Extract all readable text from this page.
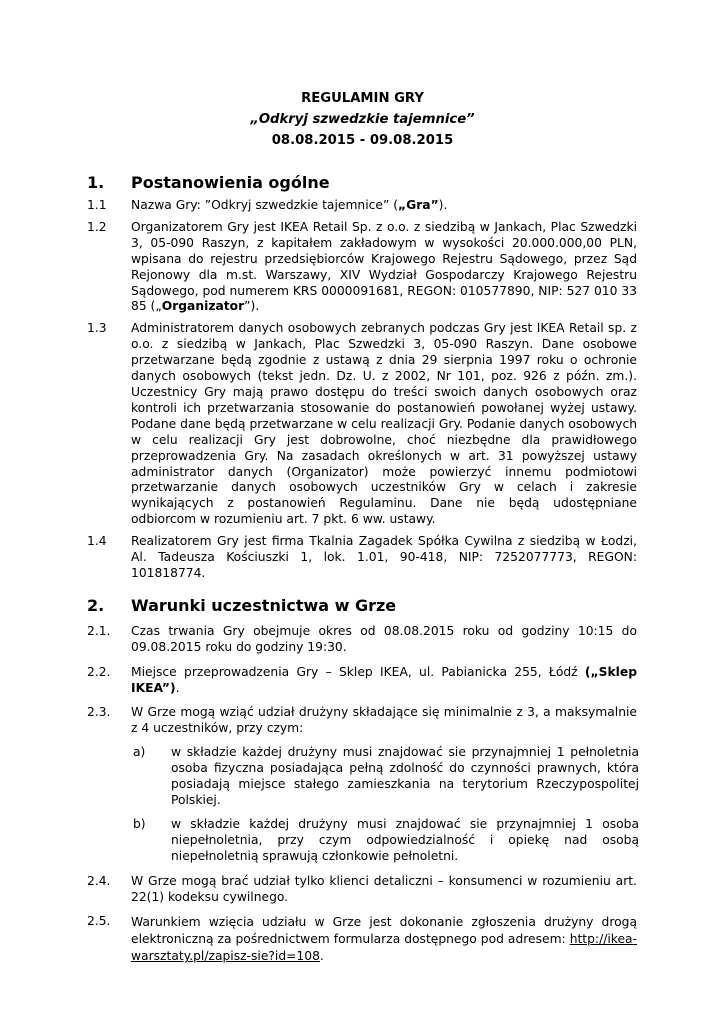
REGULAMIN GRY
„Odkryj szwedzkie tajemnice”
08.08.2015 - 09.08.2015
1.	Postanowienia ogólne
1.1	Nazwa Gry: ”Odkryj szwedzkie tajemnice” („Gra”).
1.2	Organizatorem Gry jest IKEA Retail Sp. z o.o. z siedzibą w Jankach, Plac Szwedzki 3, 05-090 Raszyn, z kapitałem zakładowym w wysokości 20.000.000,00 PLN, wpisana do rejestru przedsiębiorców Krajowego Rejestru Sądowego, przez Sąd Rejonowy dla m.st. Warszawy, XIV Wydział Gospodarczy Krajowego Rejestru Sądowego, pod numerem KRS 0000091681, REGON: 010577890, NIP: 527 010 33 85 („Organizator”).
1.3	Administratorem danych osobowych zebranych podczas Gry jest IKEA Retail sp. z o.o. z siedzibą w Jankach, Plac Szwedzki 3, 05-090 Raszyn. Dane osobowe przetwarzane będą zgodnie z ustawą z dnia 29 sierpnia 1997 roku o ochronie danych osobowych (tekst jedn. Dz. U. z 2002, Nr 101, poz. 926 z późn. zm.). Uczestnicy Gry mają prawo dostępu do treści swoich danych osobowych oraz kontroli ich przetwarzania stosowanie do postanowień powołanej wyżej ustawy. Podane dane będą przetwarzane w celu realizacji Gry. Podanie danych osobowych w celu realizacji Gry jest dobrowolne, choć niezbędne dla prawidłowego przeprowadzenia Gry. Na zasadach określonych w art. 31 powyższej ustawy administrator danych (Organizator) może powierzyć innemu podmiotowi przetwarzanie danych osobowych uczestników Gry w celach i zakresie wynikających z postanowień Regulaminu. Dane nie będą udostępniane odbiorcom w rozumieniu art. 7 pkt. 6 ww. ustawy.
1.4	Realizatorem Gry jest firma Tkalnia Zagadek Spółka Cywilna z siedzibą w Łodzi, Al. Tadeusza Kościuszki 1, lok. 1.01, 90-418, NIP: 7252077773, REGON: 101818774.
2.	Warunki uczestnictwa w Grze
2.1.	Czas trwania Gry obejmuje okres od 08.08.2015 roku od godziny 10:15 do 09.08.2015 roku do godziny 19:30.
2.2.	Miejsce przeprowadzenia Gry – Sklep IKEA, ul. Pabianicka 255, Łódź („Sklep IKEA”).
2.3.	W Grze mogą wziąć udział drużyny składające się minimalnie z 3, a maksymalnie z 4 uczestników, przy czym:
a)	w składzie każdej drużyny musi znajdować sie przynajmniej 1 pełnoletnia osoba fizyczna posiadająca pełną zdolność do czynności prawnych, która posiadają miejsce stałego zamieszkania na terytorium Rzeczypospolitej Polskiej.
b)	w składzie każdej drużyny musi znajdować sie przynajmniej 1 osoba niepełnoletnia, przy czym odpowiedzialność i opiekę nad osobą niepełnoletnią sprawują członkowie pełnoletni.
2.4.	W Grze mogą brać udział tylko klienci detaliczni – konsumenci w rozumieniu art. 22(1) kodeksu cywilnego.
2.5.	Warunkiem wzięcia udziału w Grze jest dokonanie zgłoszenia drużyny drogą elektroniczną za pośrednictwem formularza dostępnego pod adresem: http://ikea-warsztaty.pl/zapisz-sie?id=108.
